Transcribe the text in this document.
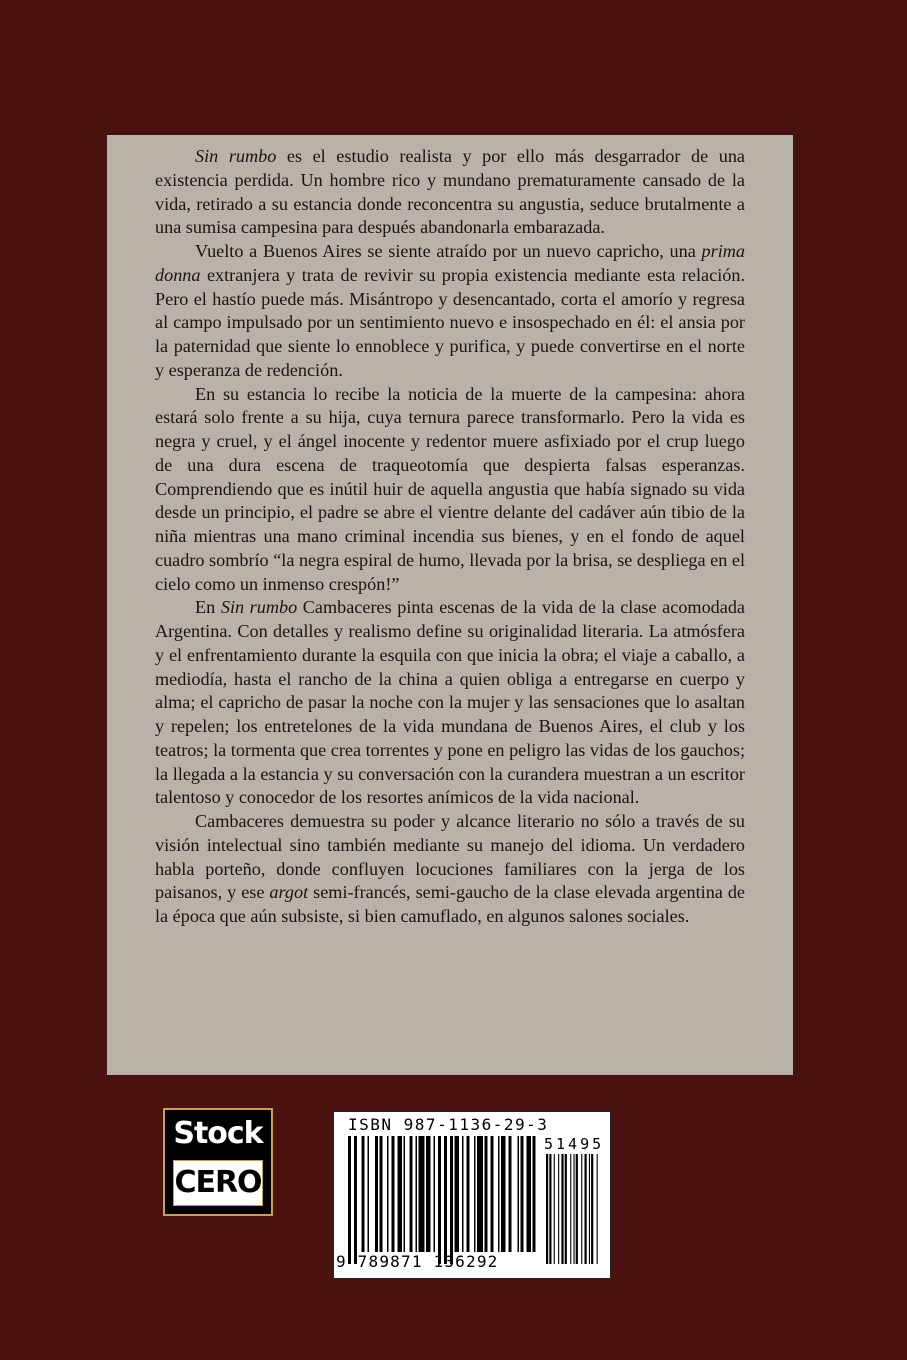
Sin rumbo es el estudio realista y por ello más desgarrador de una existencia perdida. Un hombre rico y mundano prematuramente cansado de la vida, retirado a su estancia donde reconcentra su angustia, seduce brutalmente a una sumisa campesina para después abandonarla embarazada.

Vuelto a Buenos Aires se siente atraído por un nuevo capricho, una prima donna extranjera y trata de revivir su propia existencia mediante esta relación. Pero el hastío puede más. Misántropo y desencantado, corta el amorío y regresa al campo impulsado por un sentimiento nuevo e insospechado en él: el ansia por la paternidad que siente lo ennoblece y purifica, y puede convertirse en el norte y esperanza de redención.

En su estancia lo recibe la noticia de la muerte de la campesina: ahora estará solo frente a su hija, cuya ternura parece transformarlo. Pero la vida es negra y cruel, y el ángel inocente y redentor muere asfixiado por el crup luego de una dura escena de traqueotomía que despierta falsas esperanzas. Comprendiendo que es inútil huir de aquella angustia que había signado su vida desde un principio, el padre se abre el vientre delante del cadáver aún tibio de la niña mientras una mano criminal incendia sus bienes, y en el fondo de aquel cuadro sombrío “la negra espiral de humo, llevada por la brisa, se despliega en el cielo como un inmenso crespón!”

En Sin rumbo Cambaceres pinta escenas de la vida de la clase acomodada Argentina. Con detalles y realismo define su originalidad literaria. La atmósfera y el enfrentamiento durante la esquila con que inicia la obra; el viaje a caballo, a mediodía, hasta el rancho de la china a quien obliga a entregarse en cuerpo y alma; el capricho de pasar la noche con la mujer y las sensaciones que lo asaltan y repelen; los entretelones de la vida mundana de Buenos Aires, el club y los teatros; la tormenta que crea torrentes y pone en peligro las vidas de los gauchos; la llegada a la estancia y su conversación con la curandera muestran a un escritor talentoso y conocedor de los resortes anímicos de la vida nacional.

Cambaceres demuestra su poder y alcance literario no sólo a través de su visión intelectual sino también mediante su manejo del idioma. Un verdadero habla porteño, donde confluyen locuciones familiares con la jerga de los paisanos, y ese argot semi-francés, semi-gaucho de la clase elevada argentina de la época que aún subsiste, si bien camuflado, en algunos salones sociales.

Stock
CERO
ISBN 987-1136-29-3
51495
9 789871 136292
